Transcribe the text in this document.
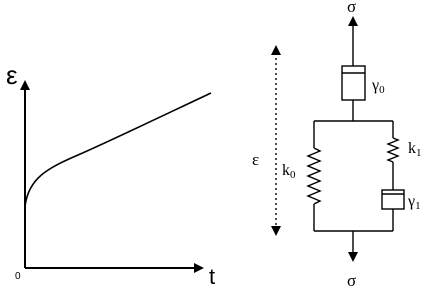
ε
t
0
σ
γ0
k0
k1
γ1
σ
ε
